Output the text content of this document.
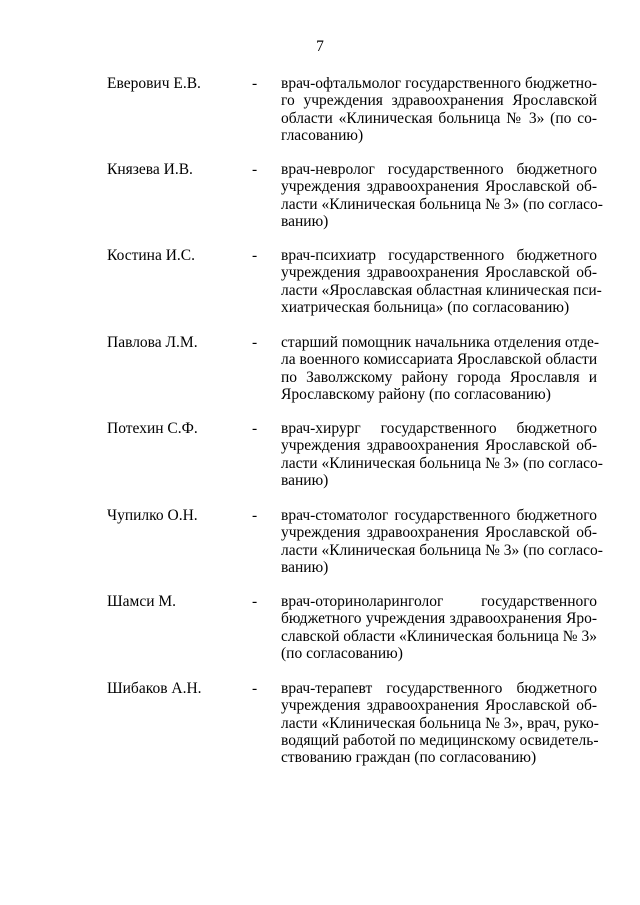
7
Еверович Е.В.	- врач-офтальмолог государственного бюджетно-
го учреждения здравоохранения Ярославской
области «Клиническая больница № 3» (по со-
гласованию)
Князева И.В.	- врач-невролог государственного бюджетного
учреждения здравоохранения Ярославской об-
ласти «Клиническая больница № 3» (по согласо-
ванию)
Костина И.С.	- врач-психиатр государственного бюджетного
учреждения здравоохранения Ярославской об-
ласти «Ярославская областная клиническая пси-
хиатрическая больница» (по согласованию)
Павлова Л.М.	- старший помощник начальника отделения отде-
ла военного комиссариата Ярославской области
по Заволжскому району города Ярославля и
Ярославскому району (по согласованию)
Потехин С.Ф.	- врач-хирург государственного бюджетного
учреждения здравоохранения Ярославской об-
ласти «Клиническая больница № 3» (по согласо-
ванию)
Чупилко О.Н.	- врач-стоматолог государственного бюджетного
учреждения здравоохранения Ярославской об-
ласти «Клиническая больница № 3» (по согласо-
ванию)
Шамси М.	- врач-оториноларинголог государственного
бюджетного учреждения здравоохранения Яро-
славской области «Клиническая больница № 3»
(по согласованию)
Шибаков А.Н.	- врач-терапевт государственного бюджетного
учреждения здравоохранения Ярославской об-
ласти «Клиническая больница № 3», врач, руко-
водящий работой по медицинскому освидетель-
ствованию граждан (по согласованию)
